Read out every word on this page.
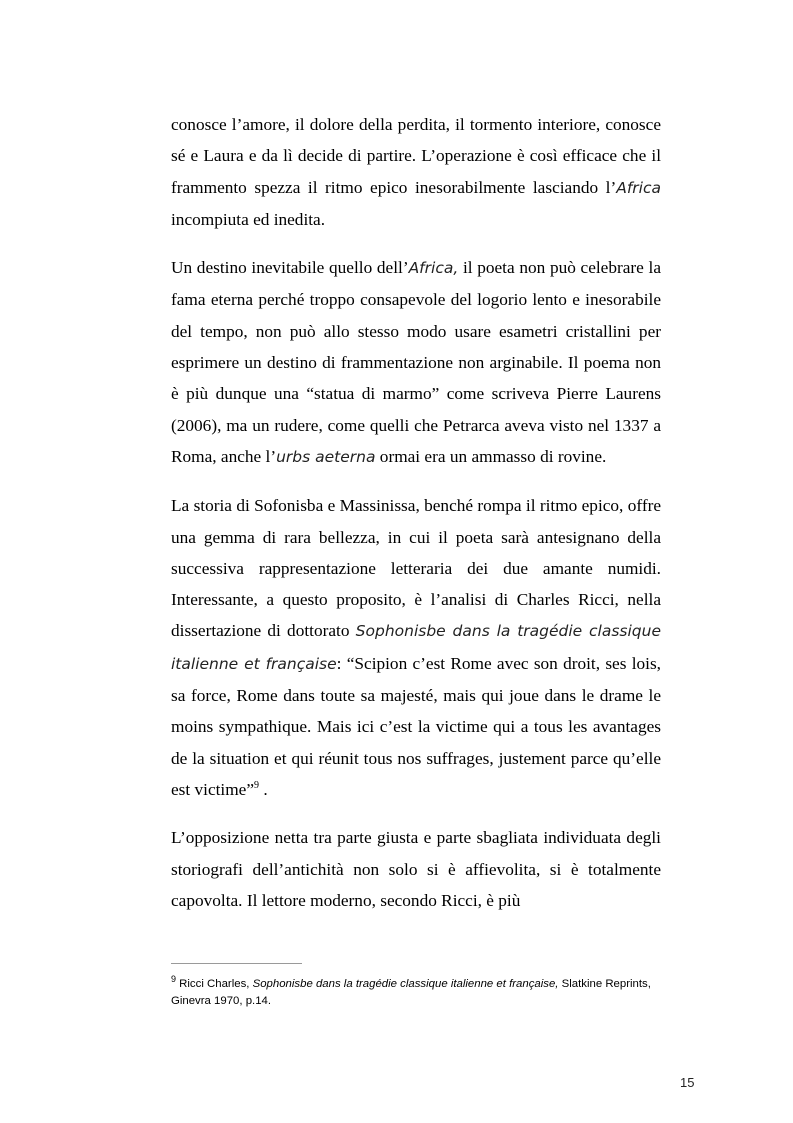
conosce l’amore, il dolore della perdita, il tormento interiore, conosce sé e Laura e da lì decide di partire. L’operazione è così efficace che il frammento spezza il ritmo epico inesorabilmente lasciando l’Africa incompiuta ed inedita.

Un destino inevitabile quello dell’Africa, il poeta non può celebrare la fama eterna perché troppo consapevole del logorio lento e inesorabile del tempo, non può allo stesso modo usare esametri cristallini per esprimere un destino di frammentazione non arginabile. Il poema non è più dunque una “statua di marmo” come scriveva Pierre Laurens (2006), ma un rudere, come quelli che Petrarca aveva visto nel 1337 a Roma, anche l’urbs aeterna ormai era un ammasso di rovine.

La storia di Sofonisba e Massinissa, benché rompa il ritmo epico, offre una gemma di rara bellezza, in cui il poeta sarà antesignano della successiva rappresentazione letteraria dei due amante numidi. Interessante, a questo proposito, è l’analisi di Charles Ricci, nella dissertazione di dottorato Sophonisbe dans la tragédie classique italienne et française: “Scipion c’est Rome avec son droit, ses lois, sa force, Rome dans toute sa majesté, mais qui joue dans le drame le moins sympathique. Mais ici c’est la victime qui a tous les avantages de la situation et qui réunit tous nos suffrages, justement parce qu’elle est victime”$^9$ .

L’opposizione netta tra parte giusta e parte sbagliata individuata degli storiografi dell’antichità non solo si è affievolita, si è totalmente capovolta. Il lettore moderno, secondo Ricci, è più

$^9$ Ricci Charles, Sophonisbe dans la tragédie classique italienne et française, Slatkine Reprints, Ginevra 1970, p.14.
15
